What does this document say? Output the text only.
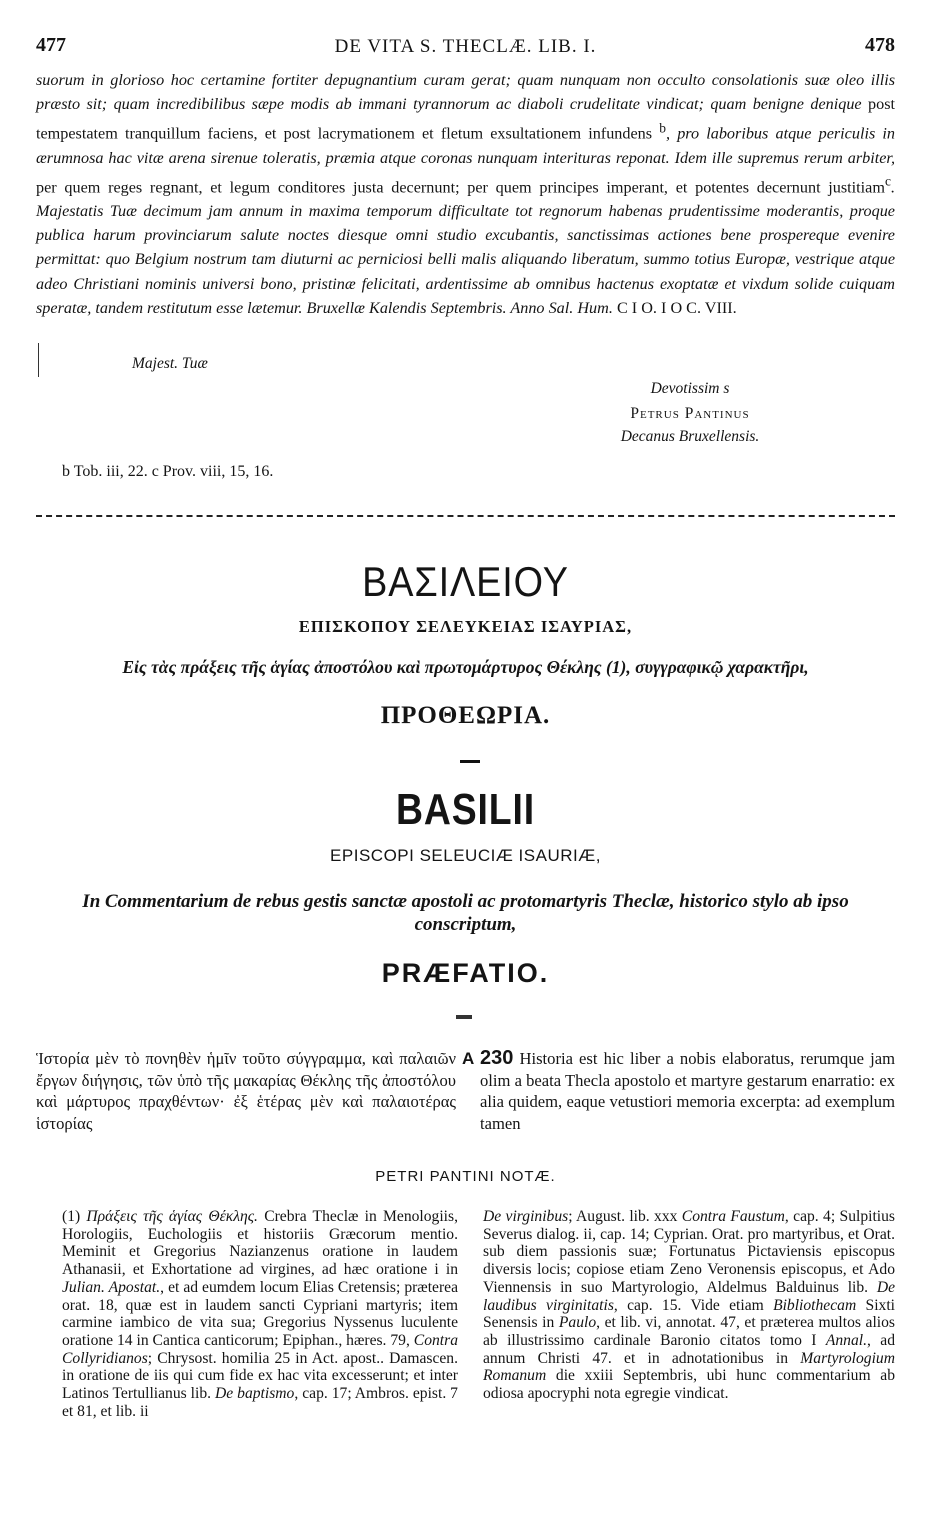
477	DE VITA S. THECLÆ. LIB. I.	478
suorum in glorioso hoc certamine fortiter depugnantium curam gerat; quam nunquam non occulto consolationis suæ oleo illis præsto sit; quam incredibilibus sæpe modis ab immani tyrannorum ac diaboli crudelitate vindicat; quam benigne denique post tempestatem tranquillum faciens, et post lacrymationem et fletum exsultationem infundens $^b$, pro laboribus atque periculis in ærumnosa hac vitæ arena sirenue toleratis, præmia atque coronas nunquam interituras reponat. Idem ille supremus rerum arbiter, per quem reges regnant, et legum conditores justa decernunt; per quem principes imperant, et potentes decernunt justitiam$^c$. Majestatis Tuæ decimum jam annum in maxima temporum difficultate tot regnorum habenas prudentissime moderantis, proque publica harum provinciarum salute noctes diesque omni studio excubantis, sanctissimas actiones bene prospereque evenire permittat: quo Belgium nostrum tam diuturni ac perniciosi belli malis aliquando liberatum, summo totius Europæ, vestrique atque adeo Christiani nominis universi bono, pristinæ felicitati, ardentissime ab omnibus hactenus exoptatæ et vixdum solide cuiquam speratæ, tandem restitutum esse lætemur. Bruxellæ Kalendis Septembris. Anno Sal. Hum. C I O. I O C. VIII.
Majest. Tuæ
Devotissim s
Petrus Pantinus
Decanus Bruxellensis.
b Tob. iii, 22. c Prov. viii, 15, 16.
ΒΑΣΙΛΕΙΟΥ
ΕΠΙΣΚΟΠΟΥ ΣΕΛΕΥΚΕΙΑΣ ΙΣΑΥΡΙΑΣ,
Εἰς τὰς πράξεις τῆς ἁγίας ἀποστόλου καὶ πρωτομάρτυρος Θέκλης (1), συγγραφικῷ χαρακτῆρι,
ΠΡΟΘΕΩΡΙΑ.
BASILII
EPISCOPI SELEUCIÆ ISAURIÆ,
In Commentarium de rebus gestis sanctæ apostoli ac protomartyris Theclæ, historico stylo ab ipso conscriptum,
PRÆFATIO.
Ἱστορία μὲν τὸ πονηθὲν ἡμῖν τοῦτο σύγγραμμα, καὶ παλαιῶν ἔργων διήγησις, τῶν ὑπὸ τῆς μακαρίας Θέκλης τῆς ἀποστόλου καὶ μάρτυρος πραχθέντων· ἐξ ἑτέρας μὲν καὶ παλαιοτέρας ἱστορίας
A 230 Historia est hic liber a nobis elaboratus, rerumque jam olim a beata Thecla apostolo et martyre gestarum enarratio: ex alia quidem, eaque vetustiori memoria excerpta: ad exemplum tamen
PETRI PANTINI NOTÆ.
(1) Πράξεις τῆς ἁγίας Θέκλης. Crebra Theclæ in Menologiis, Horologiis, Euchologiis et historiis Græcorum mentio. Meminit et Gregorius Nazianzenus oratione in laudem Athanasii, et Exhortatione ad virgines, ad hæc oratione i in Julian. Apostat., et ad eumdem locum Elias Cretensis; præterea orat. 18, quæ est in laudem sancti Cypriani martyris; item carmine iambico de vita sua; Gregorius Nyssenus luculente oratione 14 in Cantica canticorum; Epiphan., hæres. 79, Contra Collyridianos; Chrysost. homilia 25 in Act. apost.. Damascen. in oratione de iis qui cum fide ex hac vita excesserunt; et inter Latinos Tertullianus lib. De baptismo, cap. 17; Ambros. epist. 7 et 81, et lib. ii
De virginibus; August. lib. xxx Contra Faustum, cap. 4; Sulpitius Severus dialog. ii, cap. 14; Cyprian. Orat. pro martyribus, et Orat. sub diem passionis suæ; Fortunatus Pictaviensis episcopus diversis locis; copiose etiam Zeno Veronensis episcopus, et Ado Viennensis in suo Martyrologio, Aldelmus Balduinus lib. De laudibus virginitatis, cap. 15. Vide etiam Bibliothecam Sixti Senensis in Paulo, et lib. vi, annotat. 47, et præterea multos alios ab illustrissimo cardinale Baronio citatos tomo I Annal., ad annum Christi 47. et in adnotationibus in Martyrologium Romanum die xxiii Septembris, ubi hunc commentarium ab odiosa apocryphi nota egregie vindicat.
